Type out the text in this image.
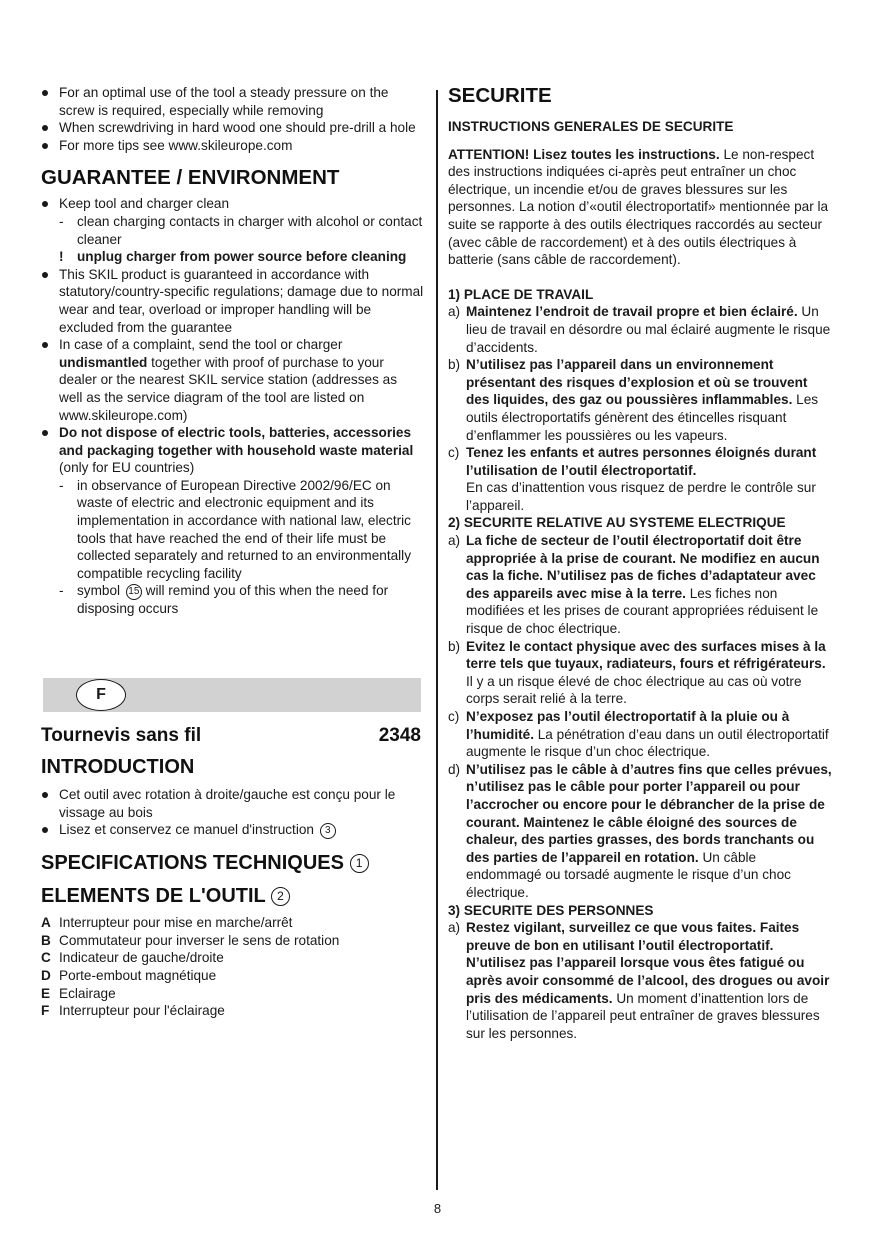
For an optimal use of the tool a steady pressure on the screw is required, especially while removing
When screwdriving in hard wood one should pre-drill a hole
For more tips see www.skileurope.com
GUARANTEE / ENVIRONMENT
Keep tool and charger clean
- clean charging contacts in charger with alcohol or contact cleaner
! unplug charger from power source before cleaning
This SKIL product is guaranteed in accordance with statutory/country-specific regulations; damage due to normal wear and tear, overload or improper handling will be excluded from the guarantee
In case of a complaint, send the tool or charger undismantled together with proof of purchase to your dealer or the nearest SKIL service station (addresses as well as the service diagram of the tool are listed on www.skileurope.com)
Do not dispose of electric tools, batteries, accessories and packaging together with household waste material (only for EU countries)
- in observance of European Directive 2002/96/EC on waste of electric and electronic equipment and its implementation in accordance with national law, electric tools that have reached the end of their life must be collected separately and returned to an environmentally compatible recycling facility
- symbol 15 will remind you of this when the need for disposing occurs
F
Tournevis sans fil	2348
INTRODUCTION
Cet outil avec rotation à droite/gauche est conçu pour le vissage au bois
Lisez et conservez ce manuel d'instruction 3
SPECIFICATIONS TECHNIQUES 1
ELEMENTS DE L'OUTIL 2
A Interrupteur pour mise en marche/arrêt
B Commutateur pour inverser le sens de rotation
C Indicateur de gauche/droite
D Porte-embout magnétique
E Eclairage
F Interrupteur pour l'éclairage
SECURITE
INSTRUCTIONS GENERALES DE SECURITE
ATTENTION! Lisez toutes les instructions. Le non-respect des instructions indiquées ci-après peut entraîner un choc électrique, un incendie et/ou de graves blessures sur les personnes. La notion d’«outil électroportatif» mentionnée par la suite se rapporte à des outils électriques raccordés au secteur (avec câble de raccordement) et à des outils électriques à batterie (sans câble de raccordement).
1) PLACE DE TRAVAIL
a) Maintenez l’endroit de travail propre et bien éclairé. Un lieu de travail en désordre ou mal éclairé augmente le risque d’accidents.
b) N’utilisez pas l’appareil dans un environnement présentant des risques d’explosion et où se trouvent des liquides, des gaz ou poussières inflammables. Les outils électroportatifs génèrent des étincelles risquant d’enflammer les poussières ou les vapeurs.
c) Tenez les enfants et autres personnes éloignés durant l’utilisation de l’outil électroportatif.
En cas d’inattention vous risquez de perdre le contrôle sur l’appareil.
2) SECURITE RELATIVE AU SYSTEME ELECTRIQUE
a) La fiche de secteur de l’outil électroportatif doit être appropriée à la prise de courant. Ne modifiez en aucun cas la fiche. N’utilisez pas de fiches d’adaptateur avec des appareils avec mise à la terre. Les fiches non modifiées et les prises de courant appropriées réduisent le risque de choc électrique.
b) Evitez le contact physique avec des surfaces mises à la terre tels que tuyaux, radiateurs, fours et réfrigérateurs. Il y a un risque élevé de choc électrique au cas où votre corps serait relié à la terre.
c) N’exposez pas l’outil électroportatif à la pluie ou à l’humidité. La pénétration d’eau dans un outil électroportatif augmente le risque d’un choc électrique.
d) N’utilisez pas le câble à d’autres fins que celles prévues, n’utilisez pas le câble pour porter l’appareil ou pour l’accrocher ou encore pour le débrancher de la prise de courant. Maintenez le câble éloigné des sources de chaleur, des parties grasses, des bords tranchants ou des parties de l’appareil en rotation. Un câble endommagé ou torsadé augmente le risque d’un choc électrique.
3) SECURITE DES PERSONNES
a) Restez vigilant, surveillez ce que vous faites. Faites preuve de bon en utilisant l’outil électroportatif. N’utilisez pas l’appareil lorsque vous êtes fatigué ou après avoir consommé de l’alcool, des drogues ou avoir pris des médicaments. Un moment d’inattention lors de l’utilisation de l’appareil peut entraîner de graves blessures sur les personnes.
8
